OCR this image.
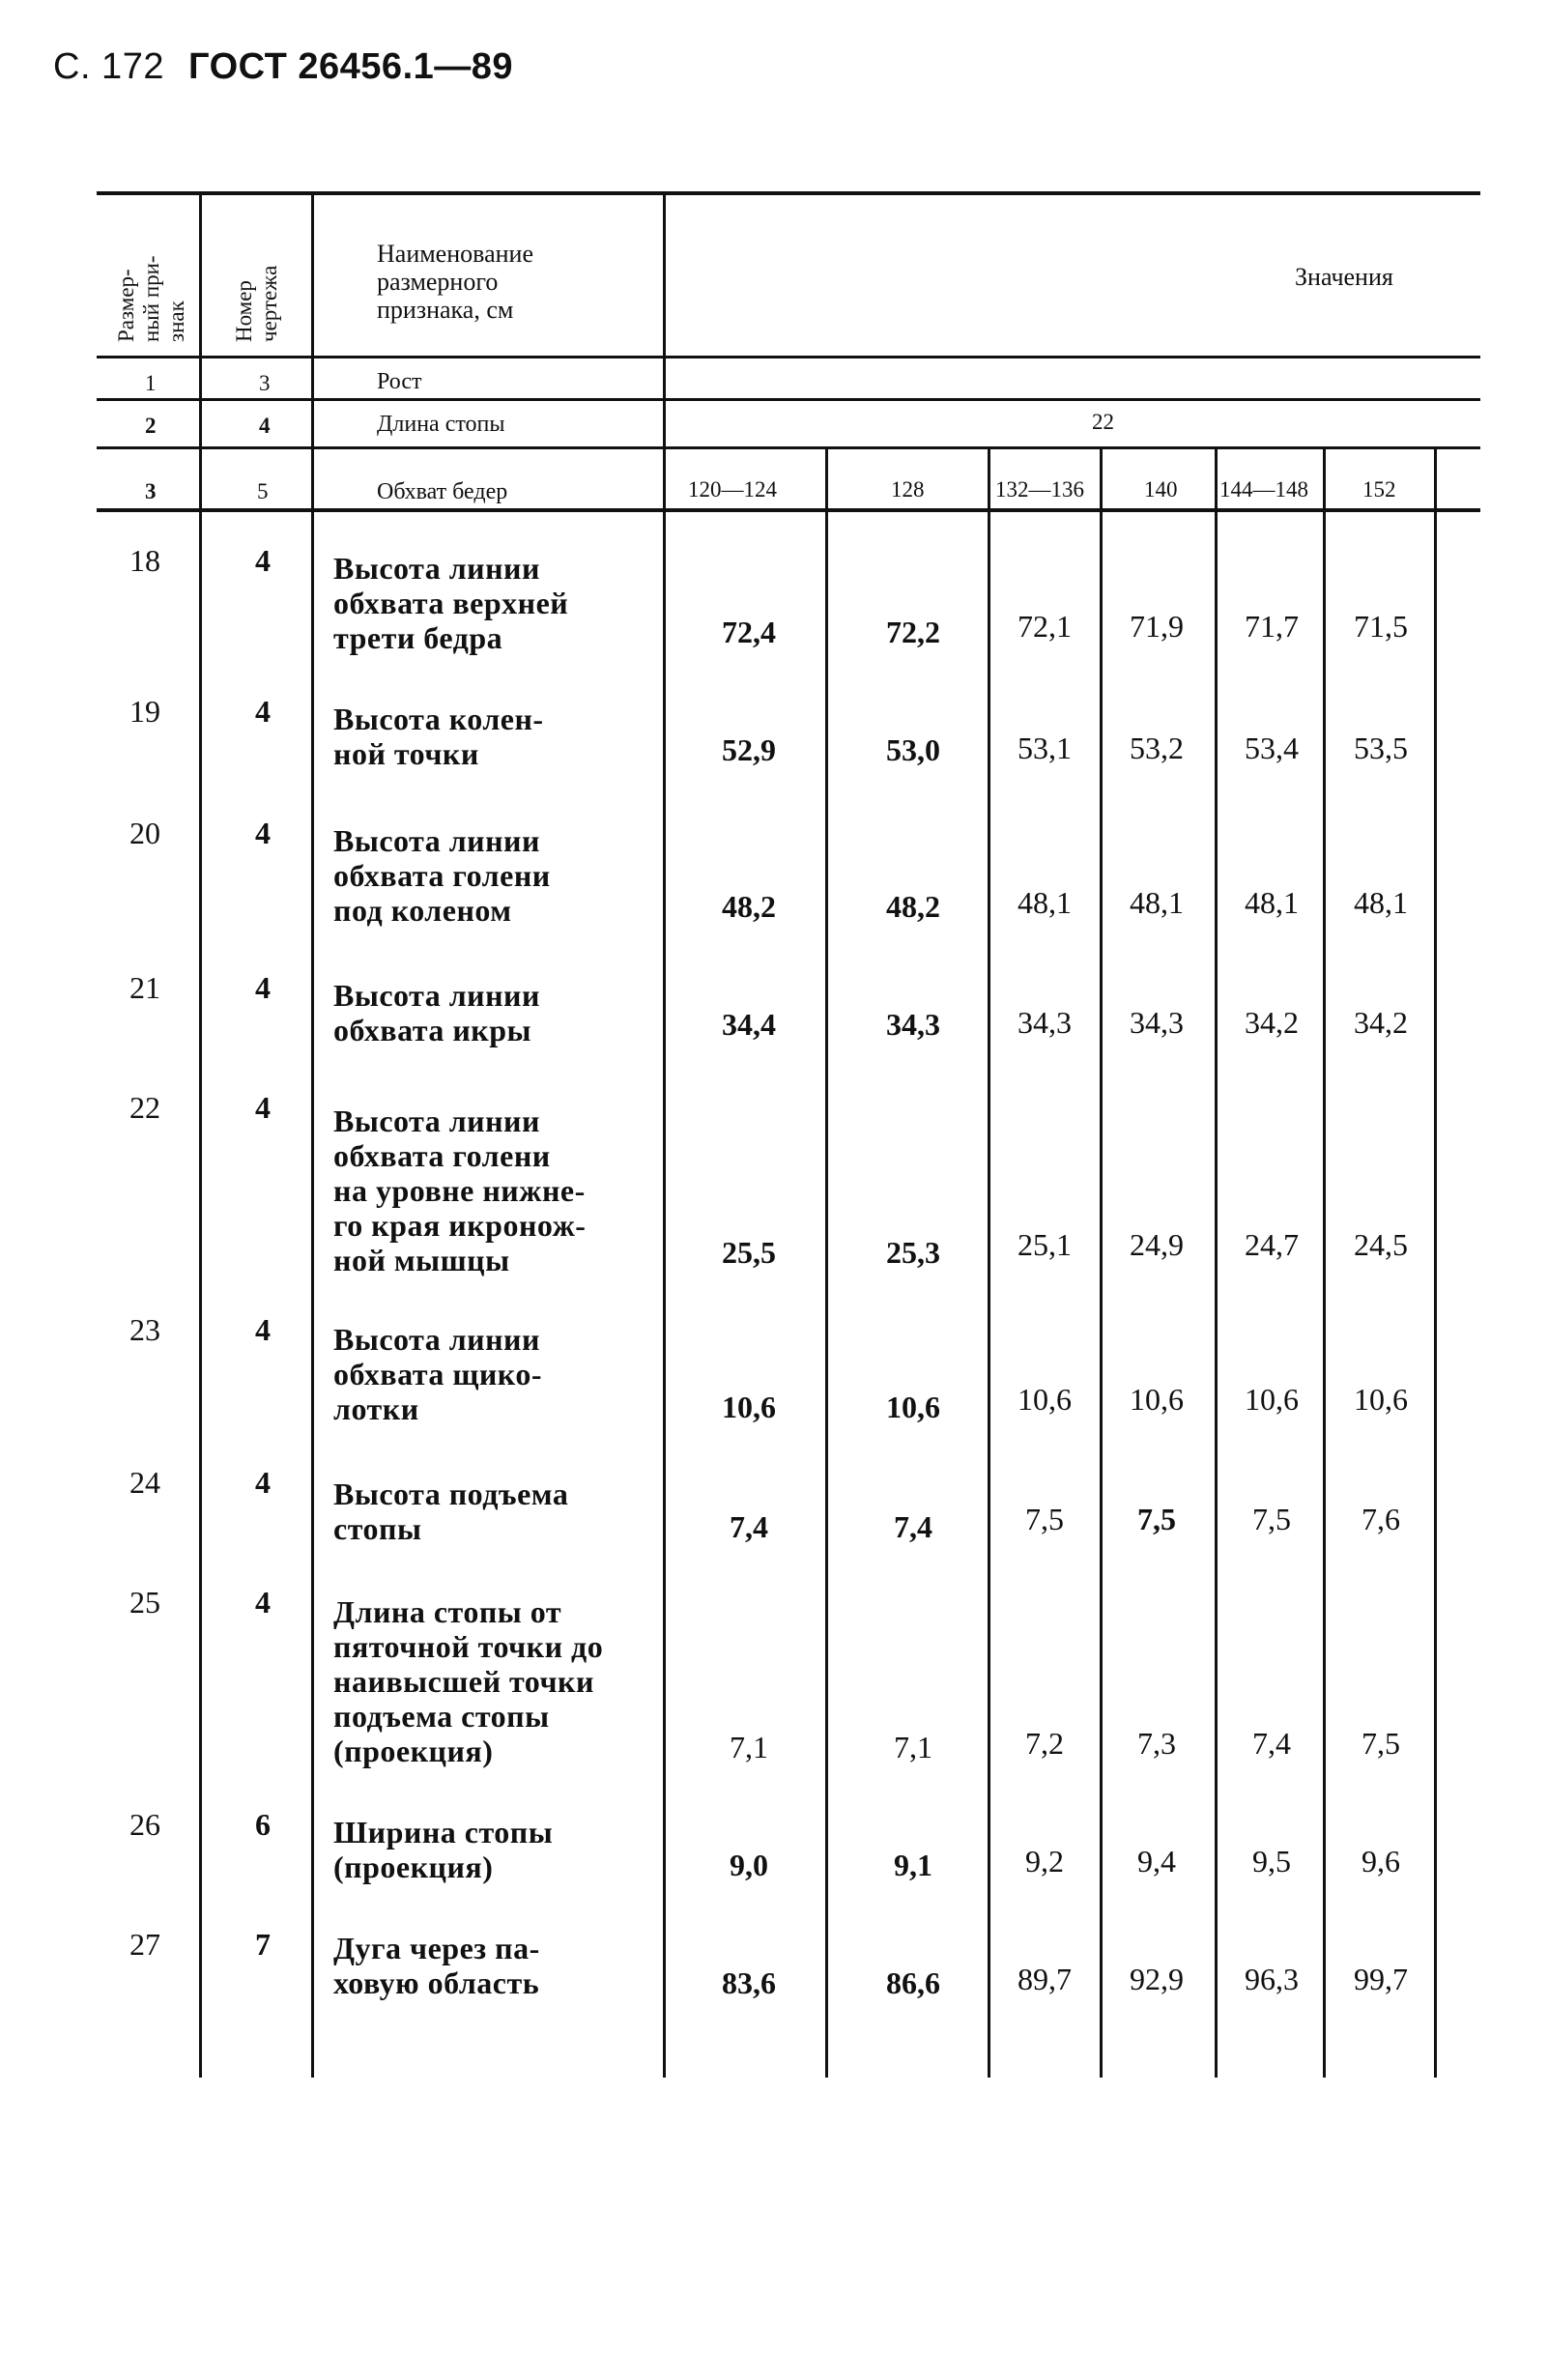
С. 172 ГОСТ 26456.1—89
Размер-
ный при-
знак Номер
чертежа
Наименование
размерного
признака, см
Значения
1	3	Рост
2	4	Длина стопы	22
3	5	Обхват бедер	120—124	128	132—136	140 144—148 152
18	4	Высота линии
обхвата верхней
трети бедра	72,4	72,2	72,1	71,9	71,7	71,5
19	4	Высота колен-
ной точки	52,9	53,0	53,1	53,2	53,4	53,5
20	4	Высота линии
обхвата голени
под коленом	48,2	48,2	48,1	48,1	48,1	48,1
21	4	Высота линии
обхвата икры	34,4	34,3	34,3	34,3	34,2	34,2
22	4	Высота линии
обхвата голени
на уровне нижне-
го края икронож-
ной мышцы	25,5	25,3	25,1	24,9	24,7	24,5
23	4	Высота линии
обхвата щико-
лотки	10,6	10,6	10,6	10,6	10,6	10,6
24	4	Высота подъема
стопы	7,4	7,4	7,5	7,5	7,5	7,6
25	4	Длина стопы от
пяточной точки до
наивысшей точки
подъема стопы
(проекция)	7,1	7,1	7,2	7,3	7,4	7,5
26	6	Ширина стопы
(проекция)	9,0	9,1	9,2	9,4	9,5	9,6
27	7	Дуга через па-
ховую область	83,6	86,6	89,7	92,9	96,3	99,7
